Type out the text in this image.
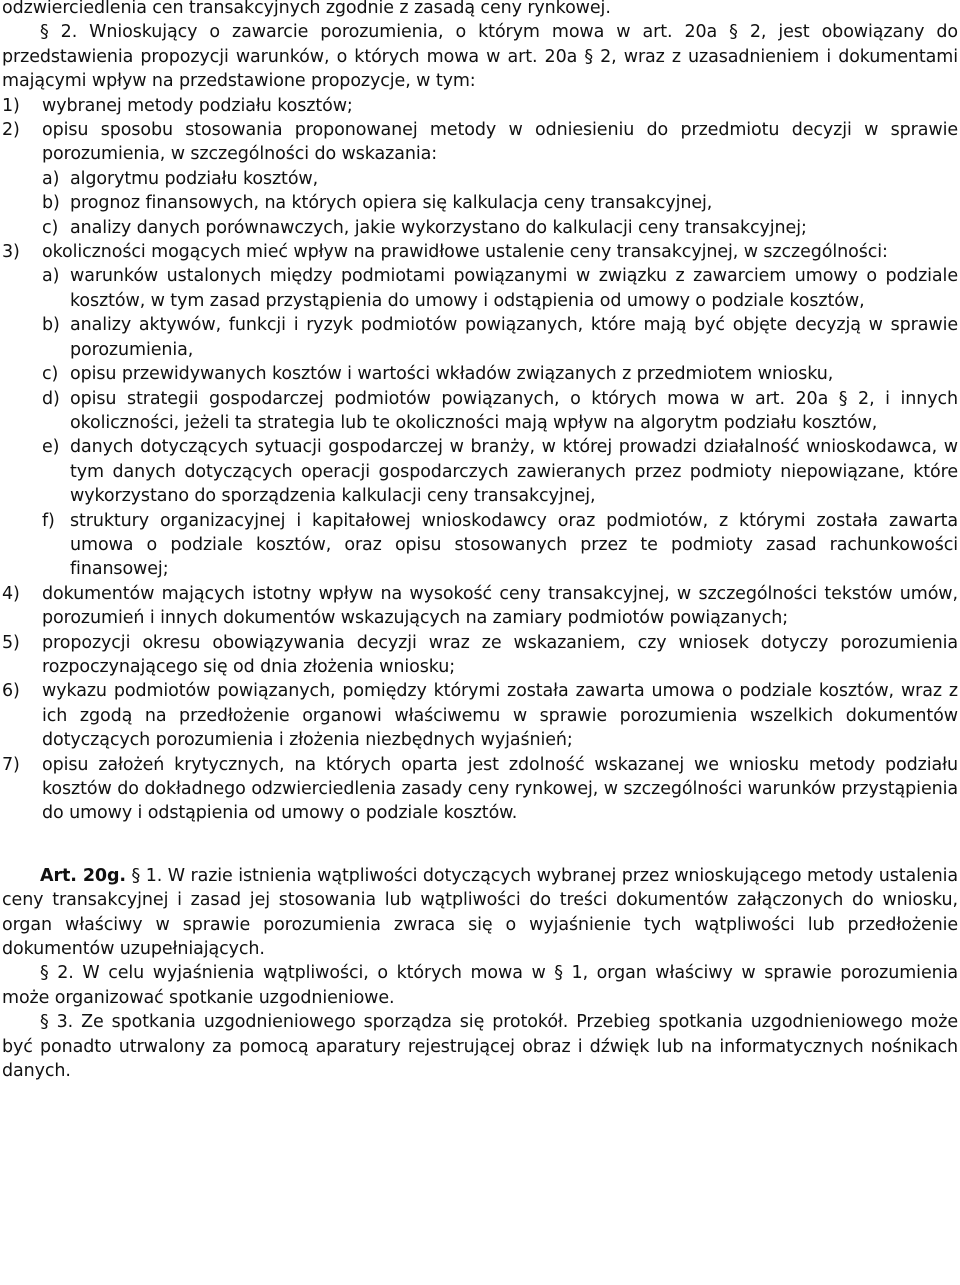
odzwierciedlenia cen transakcyjnych zgodnie z zasadą ceny rynkowej.

§ 2. Wnioskujący o zawarcie porozumienia, o którym mowa w art. 20a § 2, jest obowiązany do przedstawienia propozycji warunków, o których mowa w art. 20a § 2, wraz z uzasadnieniem i dokumentami mającymi wpływ na przedstawione propozycje, w tym:

1)	wybranej metody podziału kosztów;
2)	opisu sposobu stosowania proponowanej metody w odniesieniu do przedmiotu decyzji w sprawie porozumienia, w szczególności do wskazania:
a) algorytmu podziału kosztów,
b) prognoz finansowych, na których opiera się kalkulacja ceny transakcyjnej,
c) analizy danych porównawczych, jakie wykorzystano do kalkulacji ceny transakcyjnej;
3)	okoliczności mogących mieć wpływ na prawidłowe ustalenie ceny transakcyjnej, w szczególności:
a) warunków ustalonych między podmiotami powiązanymi w związku z zawarciem umowy o podziale kosztów, w tym zasad przystąpienia do umowy i odstąpienia od umowy o podziale kosztów,
b) analizy aktywów, funkcji i ryzyk podmiotów powiązanych, które mają być objęte decyzją w sprawie porozumienia,
c) opisu przewidywanych kosztów i wartości wkładów związanych z przedmiotem wniosku,
d) opisu strategii gospodarczej podmiotów powiązanych, o których mowa w art. 20a § 2, i innych okoliczności, jeżeli ta strategia lub te okoliczności mają wpływ na algorytm podziału kosztów,
e) danych dotyczących sytuacji gospodarczej w branży, w której prowadzi działalność wnioskodawca, w tym danych dotyczących operacji gospodarczych zawieranych przez podmioty niepowiązane, które wykorzystano do sporządzenia kalkulacji ceny transakcyjnej,
f) struktury organizacyjnej i kapitałowej wnioskodawcy oraz podmiotów, z którymi została zawarta umowa o podziale kosztów, oraz opisu stosowanych przez te podmioty zasad rachunkowości finansowej;
4)	dokumentów mających istotny wpływ na wysokość ceny transakcyjnej, w szczególności tekstów umów, porozumień i innych dokumentów wskazujących na zamiary podmiotów powiązanych;
5)	propozycji okresu obowiązywania decyzji wraz ze wskazaniem, czy wniosek dotyczy porozumienia rozpoczynającego się od dnia złożenia wniosku;
6)	wykazu podmiotów powiązanych, pomiędzy którymi została zawarta umowa o podziale kosztów, wraz z ich zgodą na przedłożenie organowi właściwemu w sprawie porozumienia wszelkich dokumentów dotyczących porozumienia i złożenia niezbędnych wyjaśnień;
7)	opisu założeń krytycznych, na których oparta jest zdolność wskazanej we wniosku metody podziału kosztów do dokładnego odzwierciedlenia zasady ceny rynkowej, w szczególności warunków przystąpienia do umowy i odstąpienia od umowy o podziale kosztów.

Art. 20g. § 1. W razie istnienia wątpliwości dotyczących wybranej przez wnioskującego metody ustalenia ceny transakcyjnej i zasad jej stosowania lub wątpliwości do treści dokumentów załączonych do wniosku, organ właściwy w sprawie porozumienia zwraca się o wyjaśnienie tych wątpliwości lub przedłożenie dokumentów uzupełniających.

§ 2. W celu wyjaśnienia wątpliwości, o których mowa w § 1, organ właściwy w sprawie porozumienia może organizować spotkanie uzgodnieniowe.

§ 3. Ze spotkania uzgodnieniowego sporządza się protokół. Przebieg spotkania uzgodnieniowego może być ponadto utrwalony za pomocą aparatury rejestrującej obraz i dźwięk lub na informatycznych nośnikach danych.
